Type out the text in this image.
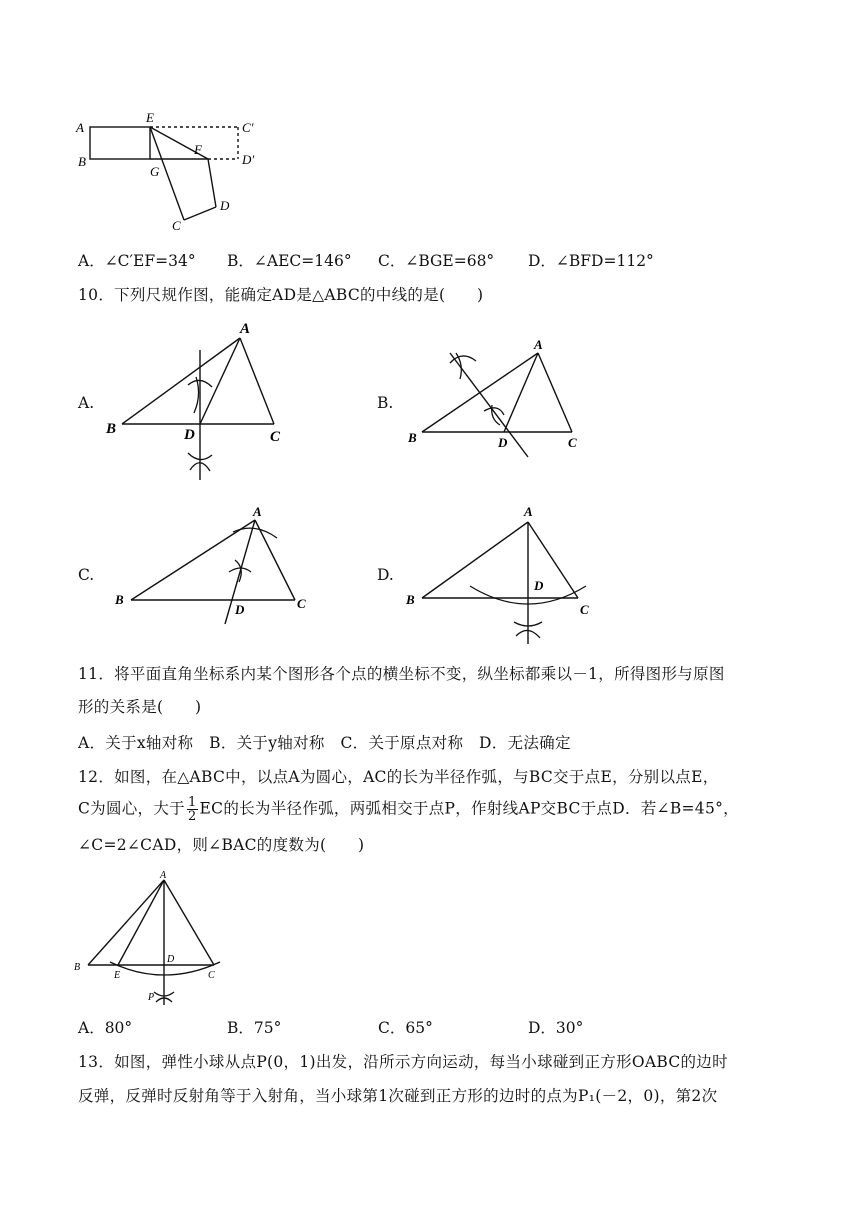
A
E
C′
B
F
D′
G
C
D
A．∠C′EF=34° B．∠AEC=146° C．∠BGE=68° D．∠BFD=112°
10．下列尺规作图，能确定AD是△ABC的中线的是(　　)
A.
A
B	D	C
B.
A
B	D	C
C.
A
B
D	C
D.
A
B
D
C
11．将平面直角坐标系内某个图形各个点的横坐标不变，纵坐标都乘以－1，所得图形与原图
形的关系是(　　)
A．关于x轴对称　B．关于y轴对称　C．关于原点对称　D．无法确定
12．如图，在△ABC中，以点A为圆心，AC的长为半径作弧，与BC交于点E，分别以点E，
C为圆心，大于 $\frac{1}{2}$ EC的长为半径作弧，两弧相交于点P，作射线AP交BC于点D．若∠B=45°，
∠C=2∠CAD，则∠BAC的度数为(　　)
A
B
E
D
C
P
A．80°	B．75°	C．65°	D．30°
13．如图，弹性小球从点P(0，1)出发，沿所示方向运动，每当小球碰到正方形OABC的边时
反弹，反弹时反射角等于入射角，当小球第1次碰到正方形的边时的点为P₁(－2，0)，第2次
